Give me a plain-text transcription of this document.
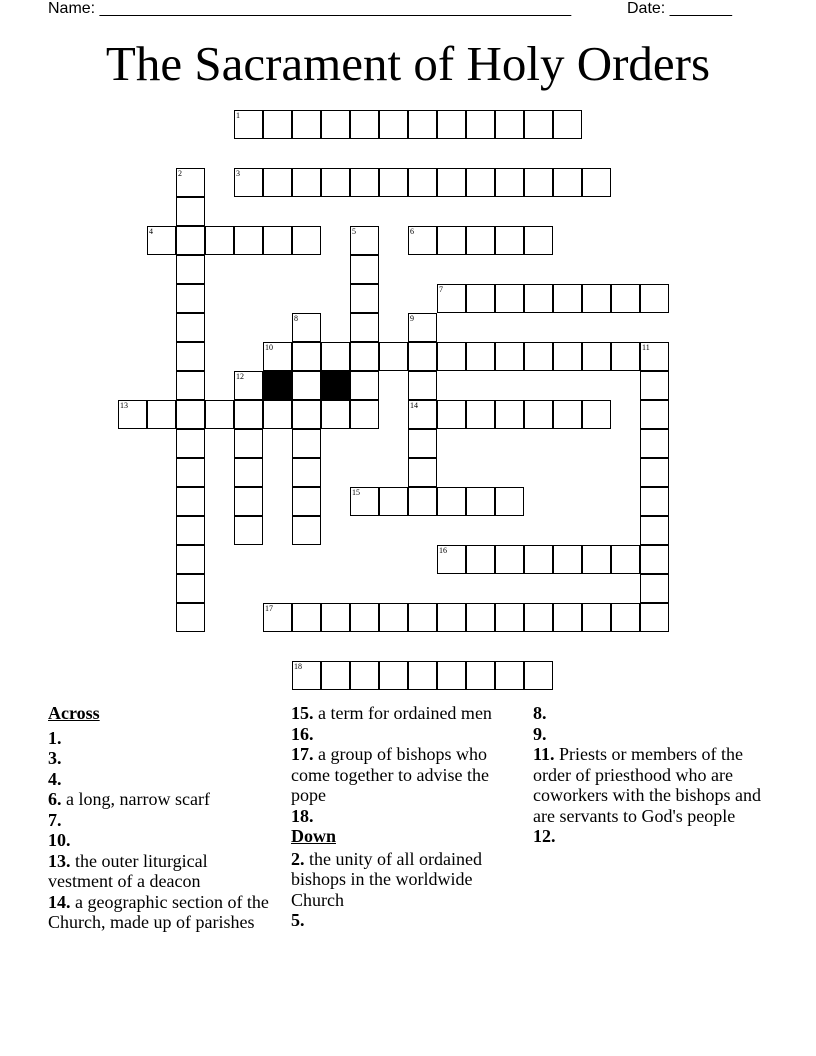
Name: _____________________________________________________	Date: _______
The Sacrament of Holy Orders
1
2	3
4	5	6
7
8	9
14
10	11
12
13
15
16
17
18
Across
1.
3.
4.
6. a long, narrow scarf
7.
10.
13. the outer liturgical vestment of a deacon
14. a geographic section of the Church, made up of parishes
15. a term for ordained men
16.
17. a group of bishops who come together to advise the pope
18.
Down
2. the unity of all ordained bishops in the worldwide Church
5.
8.
9.
11. Priests or members of the order of priesthood who are coworkers with the bishops and are servants to God's people
12.
